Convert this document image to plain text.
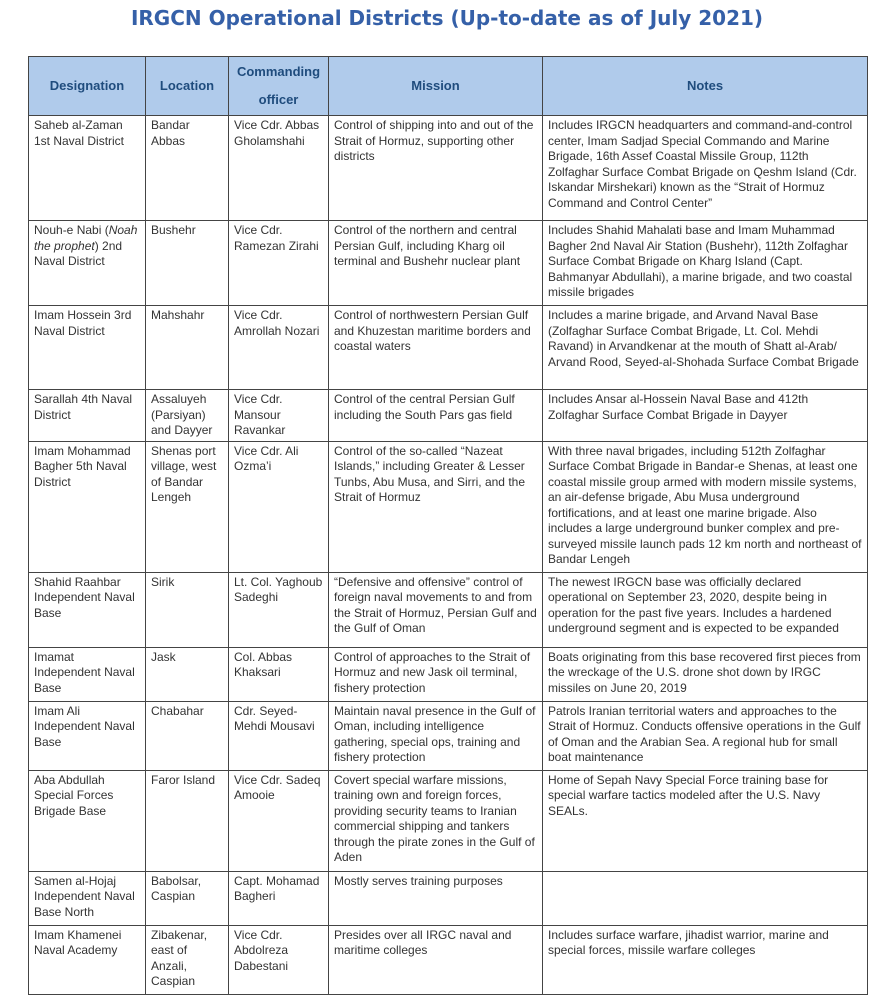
IRGCN Operational Districts (Up-to-date as of July 2021)
Designation	Location	Commanding officer	Mission	Notes
Saheb al-Zaman 1st Naval District	Bandar Abbas	Vice Cdr. Abbas Gholamshahi	Control of shipping into and out of the Strait of Hormuz, supporting other districts	Includes IRGCN headquarters and command-and-control center, Imam Sadjad Special Commando and Marine Brigade, 16th Assef Coastal Missile Group, 112th Zolfaghar Surface Combat Brigade on Qeshm Island (Cdr. Iskandar Mirshekari) known as the “Strait of Hormuz Command and Control Center”
Nouh-e Nabi (Noah the prophet) 2nd Naval District	Bushehr	Vice Cdr. Ramezan Zirahi	Control of the northern and central Persian Gulf, including Kharg oil terminal and Bushehr nuclear plant	Includes Shahid Mahalati base and Imam Muhammad Bagher 2nd Naval Air Station (Bushehr), 112th Zolfaghar Surface Combat Brigade on Kharg Island (Capt. Bahmanyar Abdullahi), a marine brigade, and two coastal missile brigades
Imam Hossein 3rd Naval District	Mahshahr	Vice Cdr. Amrollah Nozari	Control of northwestern Persian Gulf and Khuzestan maritime borders and coastal waters	Includes a marine brigade, and Arvand Naval Base (Zolfaghar Surface Combat Brigade, Lt. Col. Mehdi Ravand) in Arvandkenar at the mouth of Shatt al-Arab/ Arvand Rood, Seyed-al-Shohada Surface Combat Brigade
Sarallah 4th Naval District	Assaluyeh (Parsiyan) and Dayyer	Vice Cdr. Mansour Ravankar	Control of the central Persian Gulf including the South Pars gas field	Includes Ansar al-Hossein Naval Base and 412th Zolfaghar Surface Combat Brigade in Dayyer
Imam Mohammad Bagher 5th Naval District	Shenas port village, west of Bandar Lengeh	Vice Cdr. Ali Ozma’i	Control of the so-called “Nazeat Islands,” including Greater & Lesser Tunbs, Abu Musa, and Sirri, and the Strait of Hormuz	With three naval brigades, including 512th Zolfaghar Surface Combat Brigade in Bandar-e Shenas, at least one coastal missile group armed with modern missile systems, an air-defense brigade, Abu Musa underground fortifications, and at least one marine brigade. Also includes a large underground bunker complex and pre-surveyed missile launch pads 12 km north and northeast of Bandar Lengeh
Shahid Raahbar Independent Naval Base	Sirik	Lt. Col. Yaghoub Sadeghi	“Defensive and offensive” control of foreign naval movements to and from the Strait of Hormuz, Persian Gulf and the Gulf of Oman	The newest IRGCN base was officially declared operational on September 23, 2020, despite being in operation for the past five years. Includes a hardened underground segment and is expected to be expanded
Imamat Independent Naval Base	Jask	Col. Abbas Khaksari	Control of approaches to the Strait of Hormuz and new Jask oil terminal, fishery protection	Boats originating from this base recovered first pieces from the wreckage of the U.S. drone shot down by IRGC missiles on June 20, 2019
Imam Ali Independent Naval Base	Chabahar	Cdr. Seyed-Mehdi Mousavi	Maintain naval presence in the Gulf of Oman, including intelligence gathering, special ops, training and fishery protection	Patrols Iranian territorial waters and approaches to the Strait of Hormuz. Conducts offensive operations in the Gulf of Oman and the Arabian Sea. A regional hub for small boat maintenance
Aba Abdullah Special Forces Brigade Base	Faror Island	Vice Cdr. Sadeq Amooie	Covert special warfare missions, training own and foreign forces, providing security teams to Iranian commercial shipping and tankers through the pirate zones in the Gulf of Aden	Home of Sepah Navy Special Force training base for special warfare tactics modeled after the U.S. Navy SEALs.
Samen al-Hojaj Independent Naval Base North	Babolsar, Caspian	Capt. Mohamad Bagheri	Mostly serves training purposes	
Imam Khamenei Naval Academy	Zibakenar, east of Anzali, Caspian	Vice Cdr. Abdolreza Dabestani	Presides over all IRGC naval and maritime colleges	Includes surface warfare, jihadist warrior, marine and special forces, missile warfare colleges
